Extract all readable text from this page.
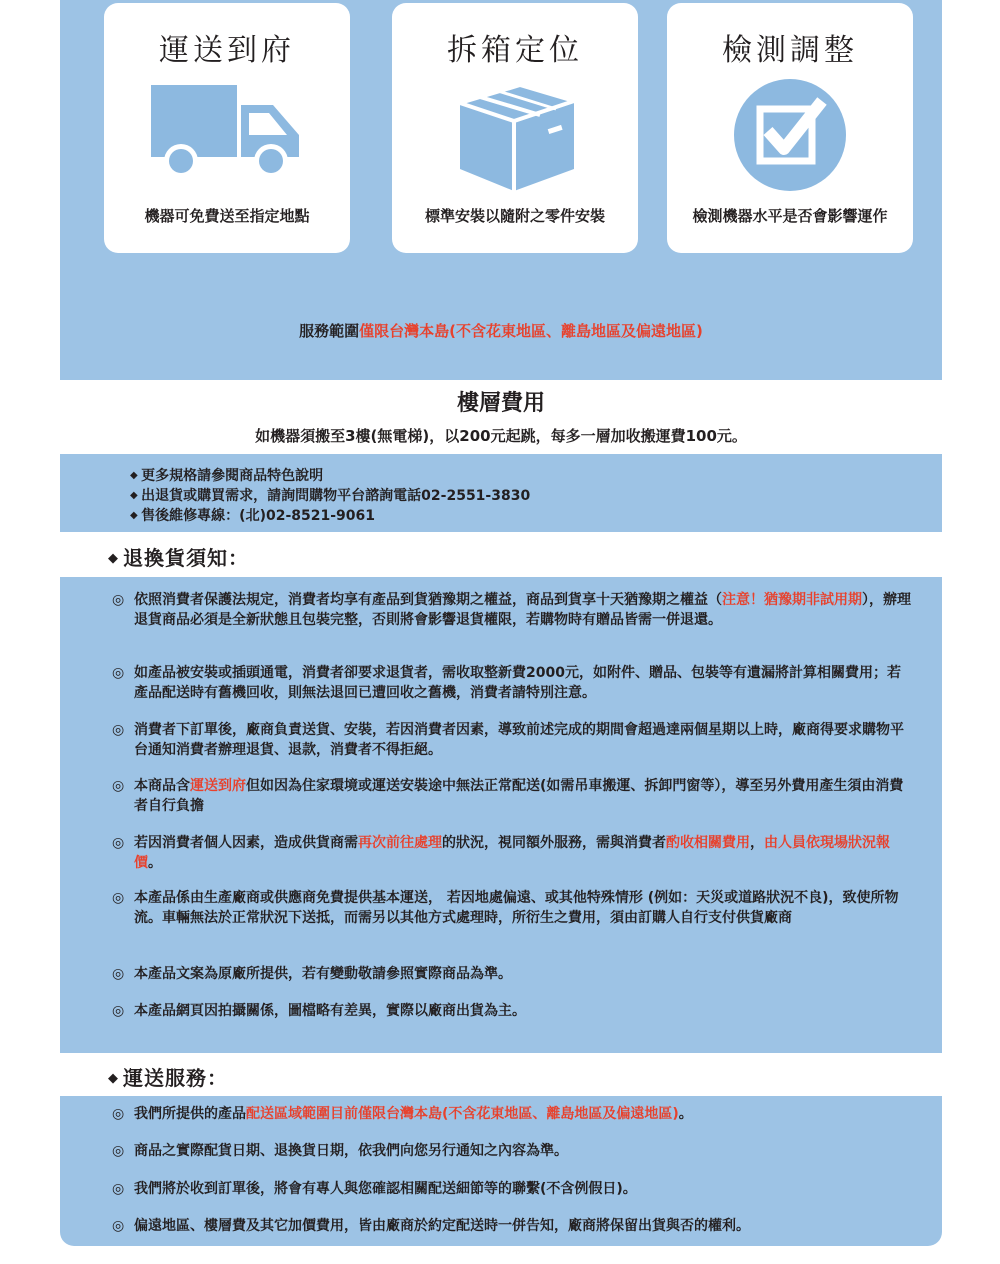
運送到府
機器可免費送至指定地點
拆箱定位
標準安裝以隨附之零件安裝
檢測調整
檢測機器水平是否會影響運作
服務範圍僅限台灣本島(不含花東地區、離島地區及偏遠地區)
樓層費用
如機器須搬至3樓(無電梯)，以200元起跳，每多一層加收搬運費100元。
◆ 更多規格請參閱商品特色說明
◆ 出退貨或購買需求，請詢問購物平台諮詢電話02-2551-3830
◆ 售後維修專線：(北)02-8521-9061
◆ 退換貨須知：
◎ 依照消費者保護法規定，消費者均享有產品到貨猶豫期之權益，商品到貨享十天猶豫期之權益（注意！猶豫期非試用期），辦理退貨商品必須是全新狀態且包裝完整，否則將會影響退貨權限，若購物時有贈品皆需一併退還。
◎ 如產品被安裝或插頭通電，消費者卻要求退貨者，需收取整新費2000元，如附件、贈品、包裝等有遺漏將計算相關費用；若產品配送時有舊機回收，則無法退回已遭回收之舊機，消費者請特別注意。
◎ 消費者下訂單後，廠商負責送貨、安裝，若因消費者因素，導致前述完成的期間會超過達兩個星期以上時，廠商得要求購物平台通知消費者辦理退貨、退款，消費者不得拒絕。
◎ 本商品含運送到府但如因為住家環境或運送安裝途中無法正常配送(如需吊車搬運、拆卸門窗等），導至另外費用產生須由消費者自行負擔
◎ 若因消費者個人因素，造成供貨商需再次前往處理的狀況，視同額外服務，需與消費者酌收相關費用，由人員依現場狀況報價。
◎ 本產品係由生產廠商或供應商免費提供基本運送， 若因地處偏遠、或其他特殊情形 (例如：天災或道路狀況不良)，致使所物流。車輛無法於正常狀況下送抵，而需另以其他方式處理時，所衍生之費用，須由訂購人自行支付供貨廠商
◎ 本產品文案為原廠所提供，若有變動敬請參照實際商品為準。
◎ 本產品網頁因拍攝關係，圖檔略有差異，實際以廠商出貨為主。
◆ 運送服務：
◎ 我們所提供的產品配送區域範圍目前僅限台灣本島(不含花東地區、離島地區及偏遠地區)。
◎ 商品之實際配貨日期、退換貨日期，依我們向您另行通知之內容為準。
◎ 我們將於收到訂單後，將會有專人與您確認相關配送細節等的聯繫(不含例假日)。
◎ 偏遠地區、樓層費及其它加價費用，皆由廠商於約定配送時一併告知，廠商將保留出貨與否的權利。
